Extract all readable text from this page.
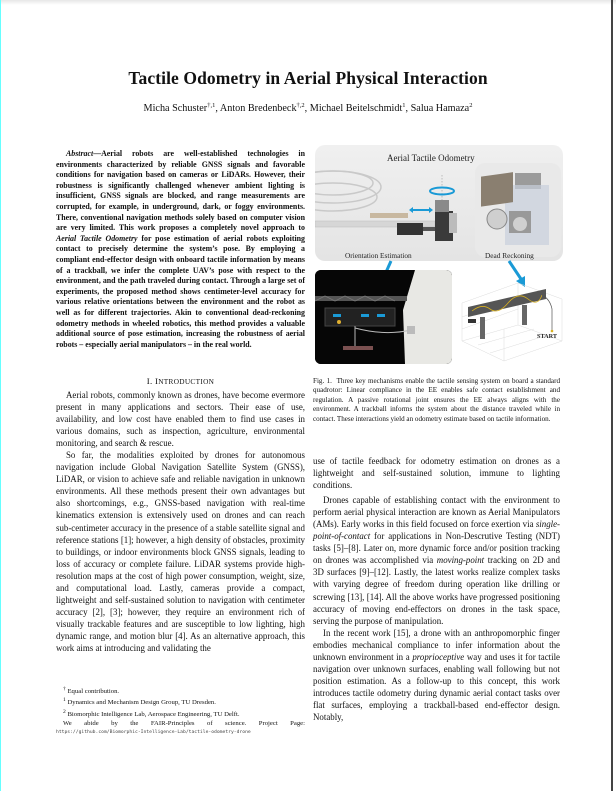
Tactile Odometry in Aerial Physical Interaction
Micha Schuster$^{\dagger,1}$, Anton Bredenbeck$^{\dagger,2}$, Michael Beitelschmidt$^1$, Salua Hamaza$^2$
Abstract—Aerial robots are well-established technologies in environments characterized by reliable GNSS signals and favorable conditions for navigation based on cameras or LiDARs. However, their robustness is significantly challenged whenever ambient lighting is insufficient, GNSS signals are blocked, and range measurements are corrupted, for example, in underground, dark, or foggy environments. There, conventional navigation methods solely based on computer vision are very limited. This work proposes a completely novel approach to Aerial Tactile Odometry for pose estimation of aerial robots exploiting contact to precisely determine the system’s pose. By employing a compliant end-effector design with onboard tactile information by means of a trackball, we infer the complete UAV’s pose with respect to the environment, and the path traveled during contact. Through a large set of experiments, the proposed method shows centimeter-level accuracy for various relative orientations between the environment and the robot as well as for different trajectories. Akin to conventional dead-reckoning odometry methods in wheeled robotics, this method provides a valuable additional source of pose estimation, increasing the robustness of aerial robots – especially aerial manipulators – in the real world.
I. INTRODUCTION

Aerial robots, commonly known as drones, have become evermore present in many applications and sectors. Their ease of use, availability, and low cost have enabled them to find use cases in various domains, such as inspection, agriculture, environmental monitoring, and search & rescue.

So far, the modalities exploited by drones for autonomous navigation include Global Navigation Satellite System (GNSS), LiDAR, or vision to achieve safe and reliable navigation in unknown environments. All these methods present their own advantages but also shortcomings, e.g., GNSS-based navigation with real-time kinematics extension is extensively used on drones and can reach sub-centimeter accuracy in the presence of a stable satellite signal and reference stations [1]; however, a high density of obstacles, proximity to buildings, or indoor environments block GNSS signals, leading to loss of accuracy or complete failure. LiDAR systems provide high-resolution maps at the cost of high power consumption, weight, size, and computational load. Lastly, cameras provide a compact, lightweight and self-sustained solution to navigation with centimeter accuracy [2], [3]; however, they require an environment rich of visually trackable features and are susceptible to low lighting, high dynamic range, and motion blur [4]. As an alternative approach, this work aims at introducing and validating the

† Equal contribution.
$^1$ Dynamics and Mechanism Design Group, TU Dresden.
$^2$ Biomorphic Intelligence Lab, Aerospace Engineering, TU Delft.
We abide by the FAIR-Principles of science. Project Page:
https://github.com/Biomorphic-Intelligence-Lab/tactile-odometry-drone
Aerial Tactile Odometry
Orientation Estimation	Dead Reckoning
START
Fig. 1. Three key mechanisms enable the tactile sensing system on board a standard quadrotor: Linear compliance in the EE enables safe contact establishment and regulation. A passive rotational joint ensures the EE always aligns with the environment. A trackball informs the system about the distance traveled while in contact. These interactions yield an odometry estimate based on tactile information.

use of tactile feedback for odometry estimation on drones as a lightweight and self-sustained solution, immune to lighting conditions.

Drones capable of establishing contact with the environment to perform aerial physical interaction are known as Aerial Manipulators (AMs). Early works in this field focused on force exertion via single-point-of-contact for applications in Non-Descrutive Testing (NDT) tasks [5]–[8]. Later on, more dynamic force and/or position tracking on drones was accomplished via moving-point tracking on 2D and 3D surfaces [9]–[12]. Lastly, the latest works realize complex tasks with varying degree of freedom during operation like drilling or screwing [13], [14]. All the above works have progressed positioning accuracy of moving end-effectors on drones in the task space, serving the purpose of manipulation.

In the recent work [15], a drone with an anthropomorphic finger embodies mechanical compliance to infer information about the unknown environment in a proprioceptive way and uses it for tactile navigation over unknown surfaces, enabling wall following but not position estimation. As a follow-up to this concept, this work introduces tactile odometry during dynamic aerial contact tasks over flat surfaces, employing a trackball-based end-effector design. Notably,
